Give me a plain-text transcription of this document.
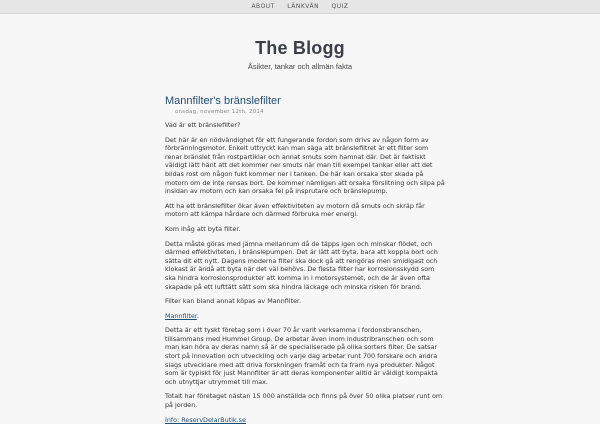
ABOUT LÄNKVÄN QUIZ
The Blogg
Åsikter, tankar och allmän fakta
Mannfilter's bränslefilter
onsdag, november 12th, 2014

Vad är ett bränslefilter?

Det här är en nödvändighet för ett fungerande fordon som drivs av någon form av förbränningsmotor. Enkelt uttryckt kan man säga att bränslefiltret är ett filter som renar bränslet från rostpartiklar och annat smuts som hamnat där. Det är faktiskt väldigt lätt hänt att det kommer ner smuts när man till exempel tankar eller att det bildas rost om någon fukt kommer ner i tanken. De här kan orsaka stor skada på motorn om de inte rensas bort. De kommer nämligen att orsaka förslitning och slipa på insidan av motorn och kan orsaka fel på insprutare och bränslepump.

Att ha ett bränslefilter ökar även effektiviteten av motorn då smuts och skräp får motorn att kämpa hårdare och därmed förbruka mer energi.

Kom ihåg att byta filter.

Detta måste göras med jämna mellanrum då de täpps igen och minskar flödet, och därmed effektiviteten, i bränslepumpen. Det är lätt att byta, bara att koppla bort och sätta dit ett nytt. Dagens moderna filter ska dock gå att rengöras men smidigast och klokast är ändå att byta när det väl behövs. De flesta filter har korrosionsskydd som ska hindra korrosionsprodukter att komma in i motorsystemet, och de är även ofta skapade på ett lufttätt sätt som ska hindra läckage och minska risken för brand.

Filter kan bland annat köpas av Mannfilter.

Mannfilter.

Detta är ett tyskt företag som i över 70 år varit verksamma i fordonsbranschen, tillsammans med Hummel Group. De arbetar även inom industribranschen och som man kan höra av deras namn så är de specialiserade på olika sorters filter. De satsar stort på innovation och utveckling och varje dag arbetar runt 700 forskare och andra slags utvecklare med att driva forskningen framåt och ta fram nya produkter. Något som är typiskt för just Mannfilter är att deras komponenter alltid är väldigt kompakta och utnyttjar utrymmet till max.

Totalt har företaget nästan 15 000 anställda och finns på över 50 olika platser runt om på jorden.

Info: ReservDelarButik.se
